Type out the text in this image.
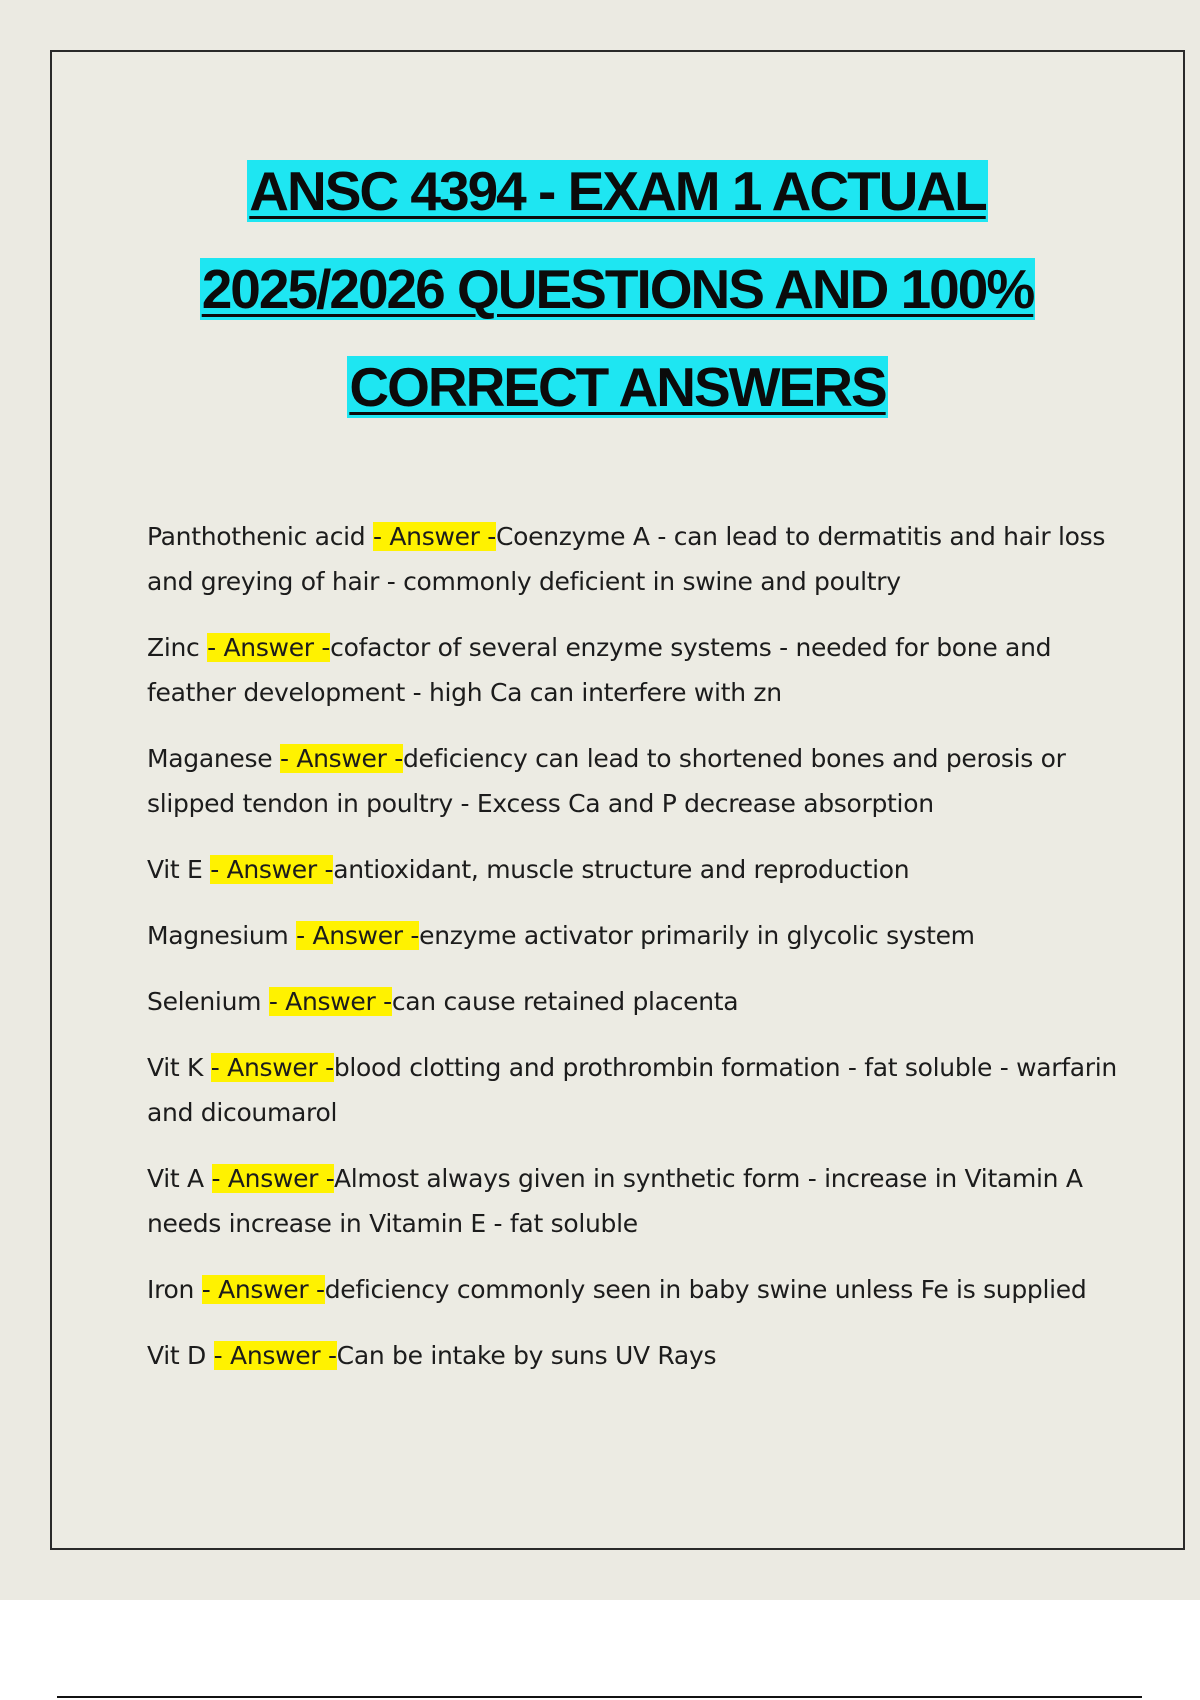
ANSC 4394 - EXAM 1 ACTUAL
2025/2026 QUESTIONS AND 100%
CORRECT ANSWERS

Panthothenic acid - Answer -Coenzyme A - can lead to dermatitis and hair loss and greying of hair - commonly deficient in swine and poultry

Zinc - Answer -cofactor of several enzyme systems - needed for bone and feather development - high Ca can interfere with zn

Maganese - Answer -deficiency can lead to shortened bones and perosis or slipped tendon in poultry - Excess Ca and P decrease absorption

Vit E - Answer -antioxidant, muscle structure and reproduction

Magnesium - Answer -enzyme activator primarily in glycolic system

Selenium - Answer -can cause retained placenta

Vit K - Answer -blood clotting and prothrombin formation - fat soluble - warfarin and dicoumarol

Vit A - Answer -Almost always given in synthetic form - increase in Vitamin A needs increase in Vitamin E - fat soluble

Iron - Answer -deficiency commonly seen in baby swine unless Fe is supplied

Vit D - Answer -Can be intake by suns UV Rays
